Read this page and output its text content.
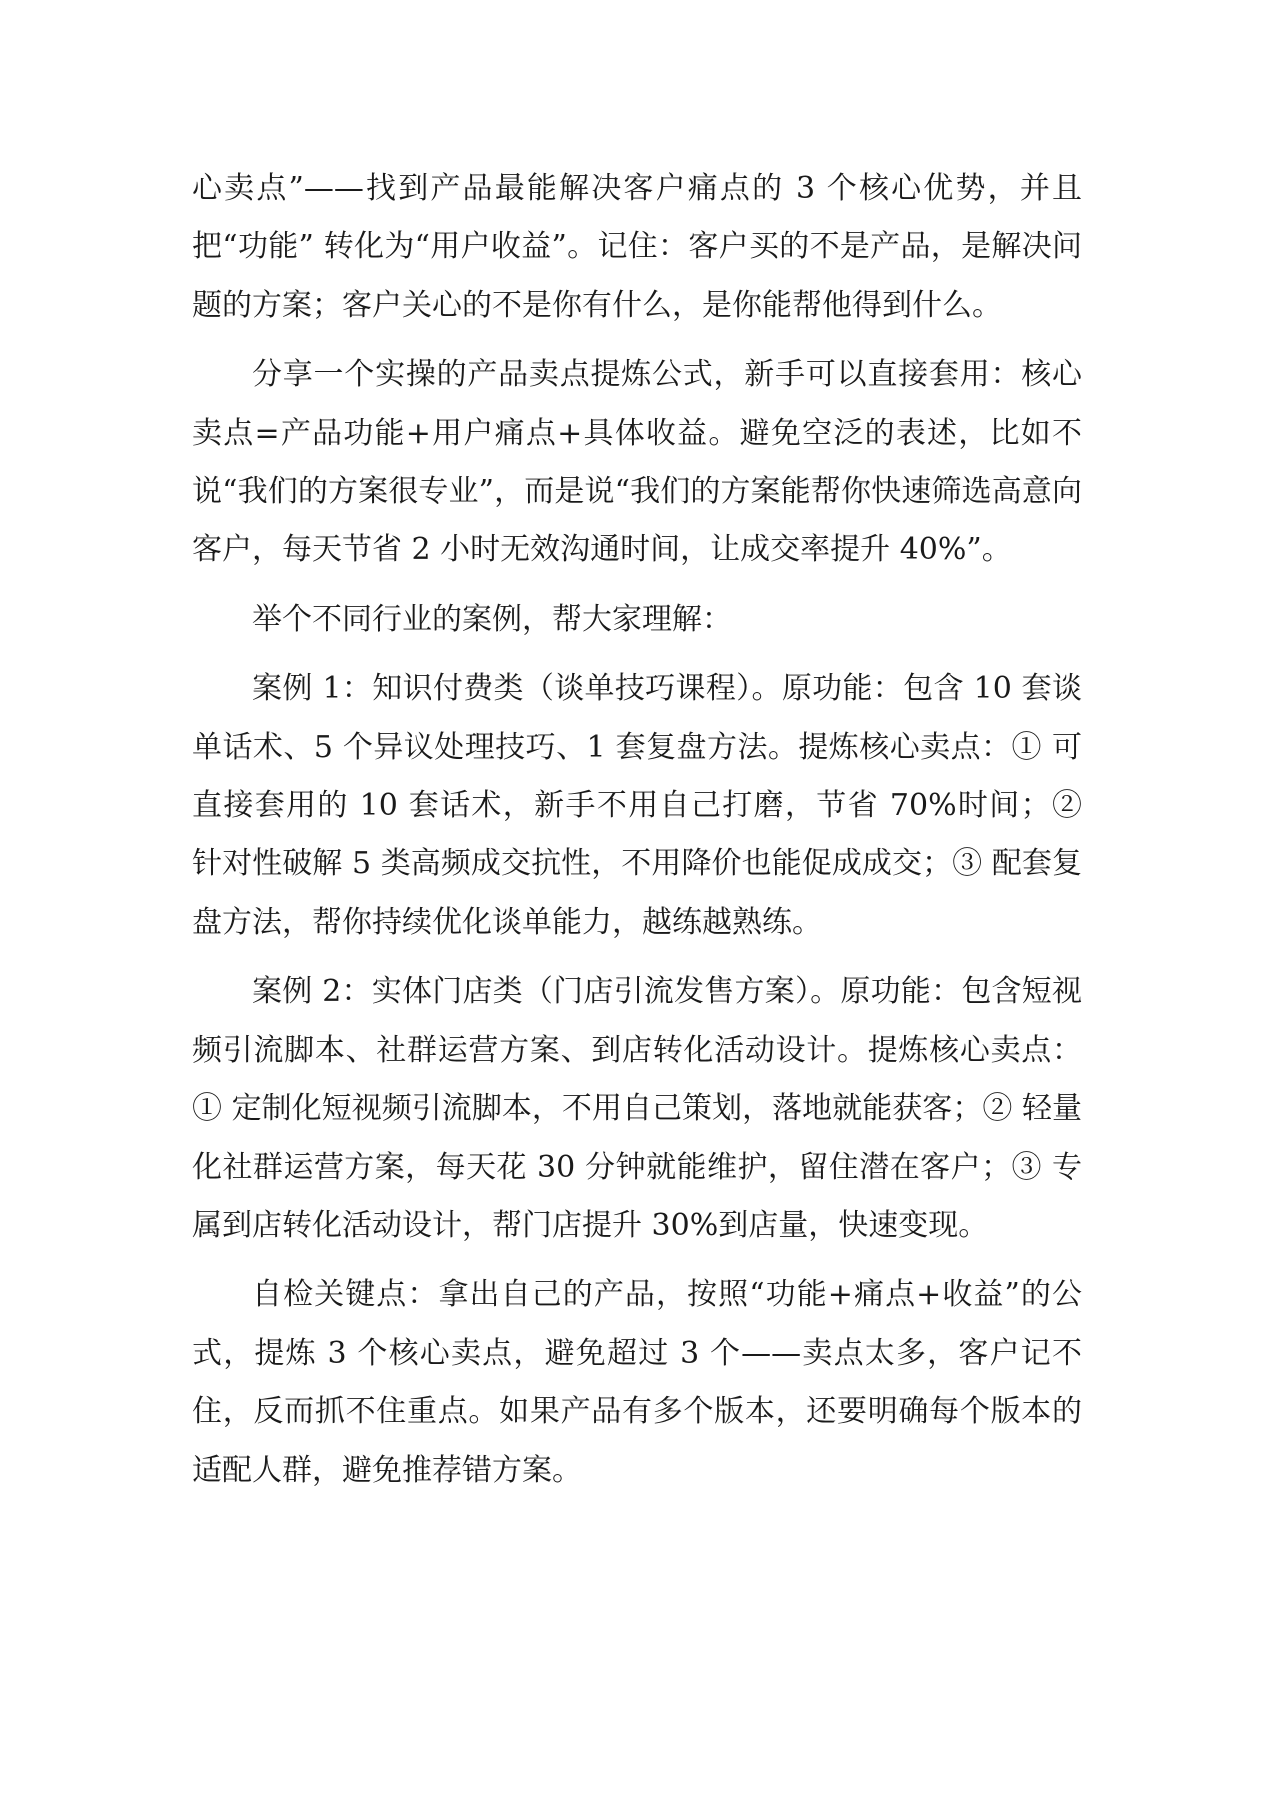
心卖点”——找到产品最能解决客户痛点的 3 个核心优势，并且把“功能” 转化为“用户收益”。记住：客户买的不是产品，是解决问题的方案；客户关心的不是你有什么，是你能帮他得到什么。

分享一个实操的产品卖点提炼公式，新手可以直接套用：核心卖点=产品功能+用户痛点+具体收益。避免空泛的表述，比如不说“我们的方案很专业”，而是说“我们的方案能帮你快速筛选高意向客户，每天节省 2 小时无效沟通时间，让成交率提升 40%”。

举个不同行业的案例，帮大家理解：

案例 1：知识付费类（谈单技巧课程）。原功能：包含 10 套谈单话术、5 个异议处理技巧、1 套复盘方法。提炼核心卖点：① 可直接套用的 10 套话术，新手不用自己打磨，节省 70%时间；② 针对性破解 5 类高频成交抗性，不用降价也能促成成交；③ 配套复盘方法，帮你持续优化谈单能力，越练越熟练。

案例 2：实体门店类（门店引流发售方案）。原功能：包含短视频引流脚本、社群运营方案、到店转化活动设计。提炼核心卖点：① 定制化短视频引流脚本，不用自己策划，落地就能获客；② 轻量化社群运营方案，每天花 30 分钟就能维护，留住潜在客户；③ 专属到店转化活动设计，帮门店提升 30%到店量，快速变现。

自检关键点：拿出自己的产品，按照“功能+痛点+收益”的公式，提炼 3 个核心卖点，避免超过 3 个——卖点太多，客户记不住，反而抓不住重点。如果产品有多个版本，还要明确每个版本的适配人群，避免推荐错方案。
